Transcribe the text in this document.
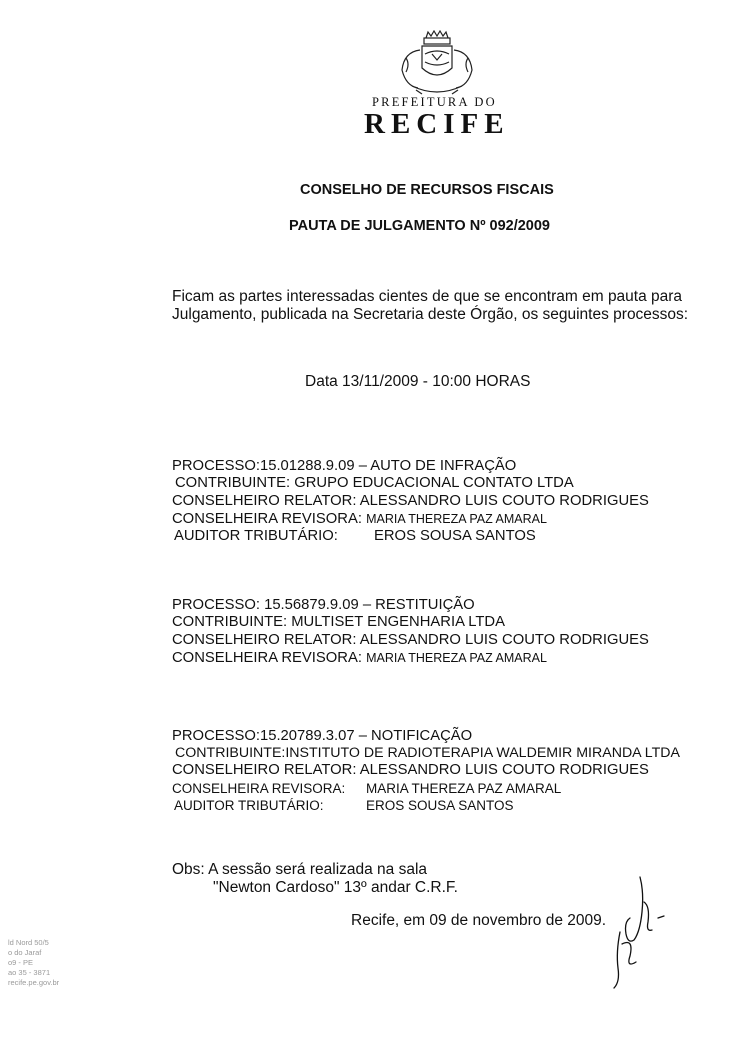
PREFEITURA DO
RECIFE
CONSELHO DE RECURSOS FISCAIS
PAUTA DE JULGAMENTO Nº 092/2009
Ficam as partes interessadas cientes de que se encontram em pauta para
Julgamento, publicada na Secretaria deste Órgão, os seguintes processos:
Data 13/11/2009 - 10:00 HORAS
PROCESSO:15.01288.9.09 – AUTO DE INFRAÇÃO
CONTRIBUINTE: GRUPO EDUCACIONAL CONTATO LTDA
CONSELHEIRO RELATOR: ALESSANDRO LUIS COUTO RODRIGUES
CONSELHEIRA REVISORA: MARIA THEREZA PAZ AMARAL
AUDITOR TRIBUTÁRIO: EROS SOUSA SANTOS
PROCESSO: 15.56879.9.09 – RESTITUIÇÃO
CONTRIBUINTE: MULTISET ENGENHARIA LTDA
CONSELHEIRO RELATOR: ALESSANDRO LUIS COUTO RODRIGUES
CONSELHEIRA REVISORA: MARIA THEREZA PAZ AMARAL
PROCESSO:15.20789.3.07 – NOTIFICAÇÃO
CONTRIBUINTE:INSTITUTO DE RADIOTERAPIA WALDEMIR MIRANDA LTDA
CONSELHEIRO RELATOR: ALESSANDRO LUIS COUTO RODRIGUES
CONSELHEIRA REVISORA: MARIA THEREZA PAZ AMARAL
AUDITOR TRIBUTÁRIO:	EROS SOUSA SANTOS
Obs: A sessão será realizada na sala
"Newton Cardoso" 13º andar C.R.F.
Recife, em 09 de novembro de 2009.
ld Nord 50/5
o do Jaraf
o9 - PE
ao 35 - 3871
recife.pe.gov.br
